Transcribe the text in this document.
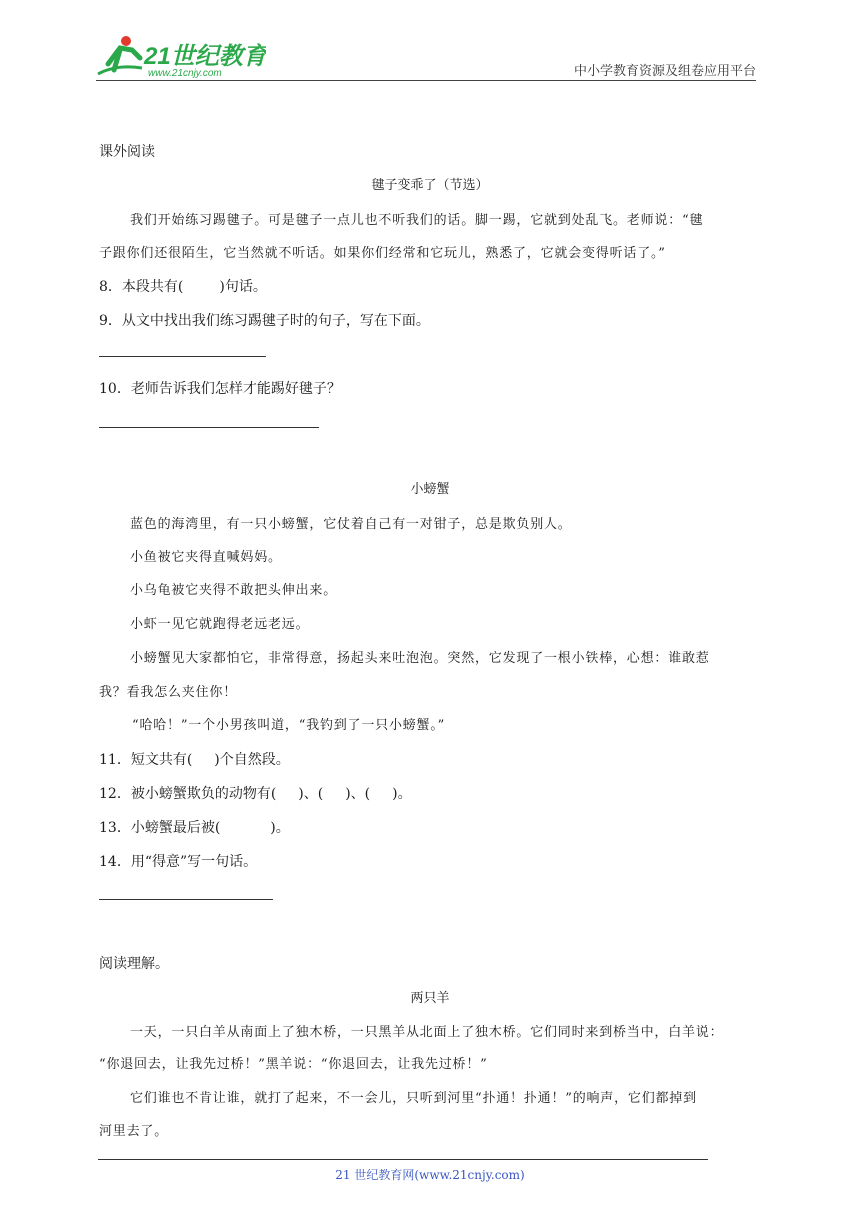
21世纪教育
www.21cnjy.com	中小学教育资源及组卷应用平台
课外阅读
毽子变乖了（节选）
我们开始练习踢毽子。可是毽子一点儿也不听我们的话。脚一踢，它就到处乱飞。老师说：“毽
子跟你们还很陌生，它当然就不听话。如果你们经常和它玩儿，熟悉了，它就会变得听话了。”
8．本段共有(	)句话。
9．从文中找出我们练习踢毽子时的句子，写在下面。
10．老师告诉我们怎样才能踢好毽子？
小螃蟹
蓝色的海湾里，有一只小螃蟹，它仗着自己有一对钳子，总是欺负别人。
小鱼被它夹得直喊妈妈。
小乌龟被它夹得不敢把头伸出来。
小虾一见它就跑得老远老远。
小螃蟹见大家都怕它，非常得意，扬起头来吐泡泡。突然，它发现了一根小铁棒，心想：谁敢惹
我？看我怎么夹住你！
“哈哈！”一个小男孩叫道，“我钓到了一只小螃蟹。”
11．短文共有( )个自然段。
12．被小螃蟹欺负的动物有( )、( )、( )。
13．小螃蟹最后被(	)。
14．用“得意”写一句话。
阅读理解。
两只羊
一天，一只白羊从南面上了独木桥，一只黑羊从北面上了独木桥。它们同时来到桥当中，白羊说：
“你退回去，让我先过桥！”黑羊说：“你退回去，让我先过桥！”
它们谁也不肯让谁，就打了起来，不一会儿，只听到河里“扑通！扑通！”的响声，它们都掉到
河里去了。
21 世纪教育网(www.21cnjy.com)
